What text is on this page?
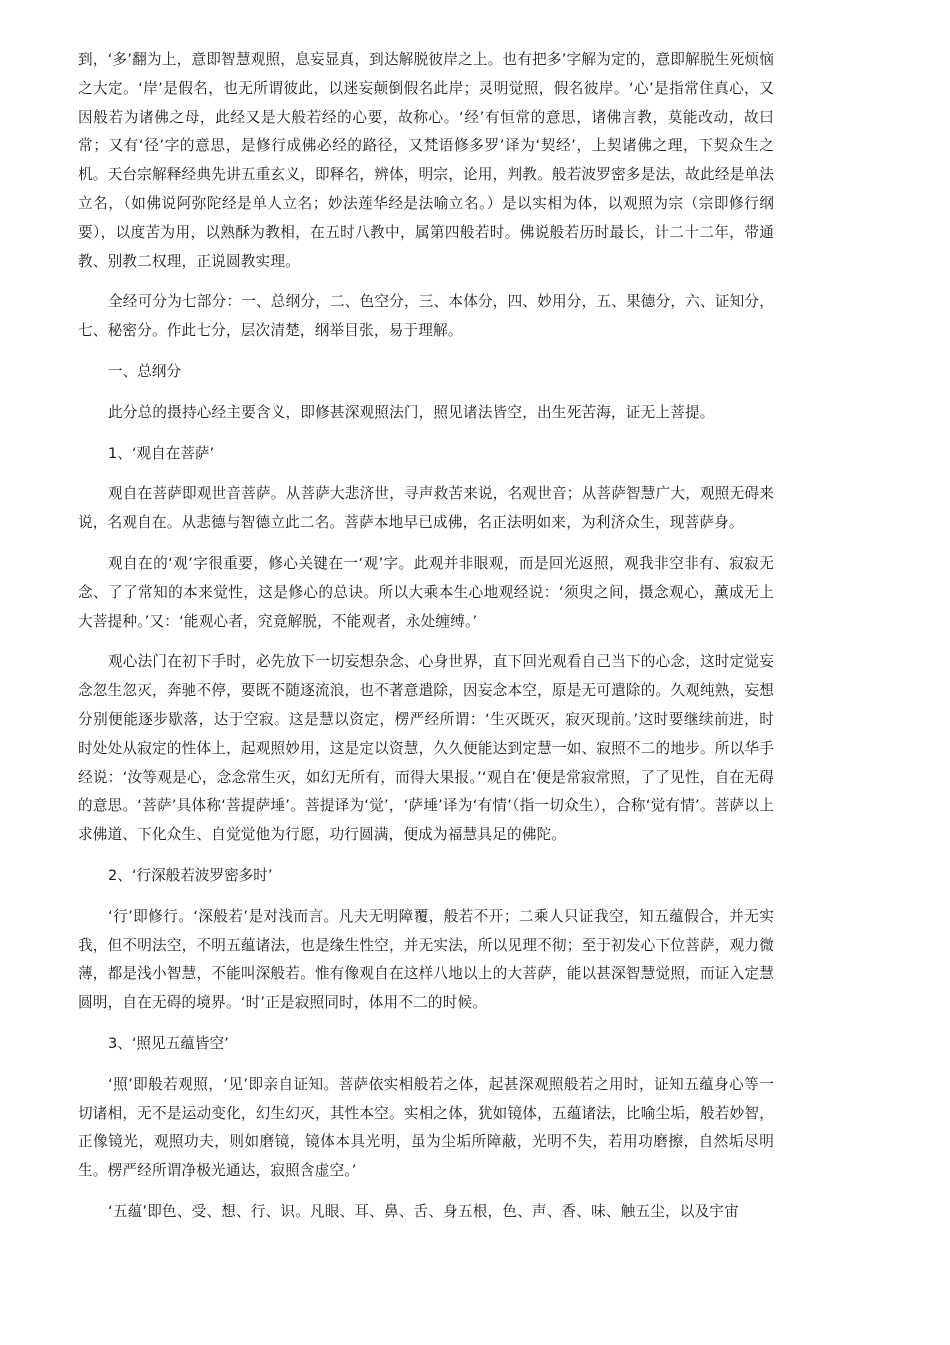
到，‘多’翻为上，意即智慧观照，息妄显真，到达解脱彼岸之上。也有把多’字解为定的，意即解脱生死烦恼之大定。‘岸’是假名，也无所谓彼此，以迷妄颠倒假名此岸；灵明觉照，假名彼岸。‘心’是指常住真心，又因般若为诸佛之母，此经又是大般若经的心要，故称心。‘经’有恒常的意思，诸佛言教，莫能改动，故曰常；又有‘径’字的意思，是修行成佛必经的路径，又梵语修多罗’译为‘契经’，上契诸佛之理，下契众生之机。天台宗解释经典先讲五重玄义，即释名，辨体，明宗，论用，判教。般若波罗密多是法，故此经是单法立名，（如佛说阿弥陀经是单人立名；妙法莲华经是法喻立名。）是以实相为体，以观照为宗（宗即修行纲要），以度苦为用，以熟酥为教相，在五时八教中，属第四般若时。佛说般若历时最长，计二十二年，带通教、别教二权理，正说圆教实理。

全经可分为七部分：一、总纲分，二、色空分，三、本体分，四、妙用分，五、果德分，六、证知分，七、秘密分。作此七分，层次清楚，纲举目张，易于理解。

一、总纲分

此分总的摄持心经主要含义，即修甚深观照法门，照见诸法皆空，出生死苦海，证无上菩提。

1、‘观自在菩萨’

观自在菩萨即观世音菩萨。从菩萨大悲济世，寻声救苦来说，名观世音；从菩萨智慧广大，观照无碍来说，名观自在。从悲德与智德立此二名。菩萨本地早已成佛，名正法明如来，为利济众生，现菩萨身。

观自在的‘观’字很重要，修心关键在一‘观’字。此观并非眼观，而是回光返照，观我非空非有、寂寂无念、了了常知的本来觉性，这是修心的总诀。所以大乘本生心地观经说：‘须臾之间，摄念观心，薰成无上大菩提种。’又：‘能观心者，究竟解脱，不能观者，永处缠缚。’

观心法门在初下手时，必先放下一切妄想杂念、心身世界，直下回光观看自己当下的心念，这时定觉妄念忽生忽灭，奔驰不停，要既不随逐流浪，也不著意遣除，因妄念本空，原是无可遣除的。久观纯熟，妄想分别便能逐步歇落，达于空寂。这是慧以资定，楞严经所谓：‘生灭既灭，寂灭现前。’这时要继续前进，时时处处从寂定的性体上，起观照妙用，这是定以资慧，久久便能达到定慧一如、寂照不二的地步。所以华手经说：‘汝等观是心，念念常生灭，如幻无所有，而得大果报。’‘观自在’便是常寂常照，了了见性，自在无碍的意思。‘菩萨’具体称‘菩提萨埵’。菩提译为‘觉’，‘萨埵’译为‘有情’（指一切众生），合称‘觉有情’。菩萨以上求佛道、下化众生、自觉觉他为行愿，功行圆满，便成为福慧具足的佛陀。

2、‘行深般若波罗密多时’

‘行’即修行。‘深般若’是对浅而言。凡夫无明障覆，般若不开；二乘人只证我空，知五蕴假合，并无实我，但不明法空，不明五蕴诸法，也是缘生性空，并无实法，所以见理不彻；至于初发心下位菩萨，观力微薄，都是浅小智慧，不能叫深般若。惟有像观自在这样八地以上的大菩萨，能以甚深智慧觉照，而证入定慧圆明，自在无碍的境界。‘时’正是寂照同时，体用不二的时候。

3、‘照见五蕴皆空’

‘照’即般若观照，‘见’即亲自证知。菩萨依实相般若之体，起甚深观照般若之用时，证知五蕴身心等一切诸相，无不是运动变化，幻生幻灭，其性本空。实相之体，犹如镜体，五蕴诸法，比喻尘垢，般若妙智，正像镜光，观照功夫，则如磨镜，镜体本具光明，虽为尘垢所障蔽，光明不失，若用功磨擦，自然垢尽明生。楞严经所谓净极光通达，寂照含虚空。’

‘五蕴’即色、受、想、行、识。凡眼、耳、鼻、舌、身五根，色、声、香、味、触五尘，以及宇宙
